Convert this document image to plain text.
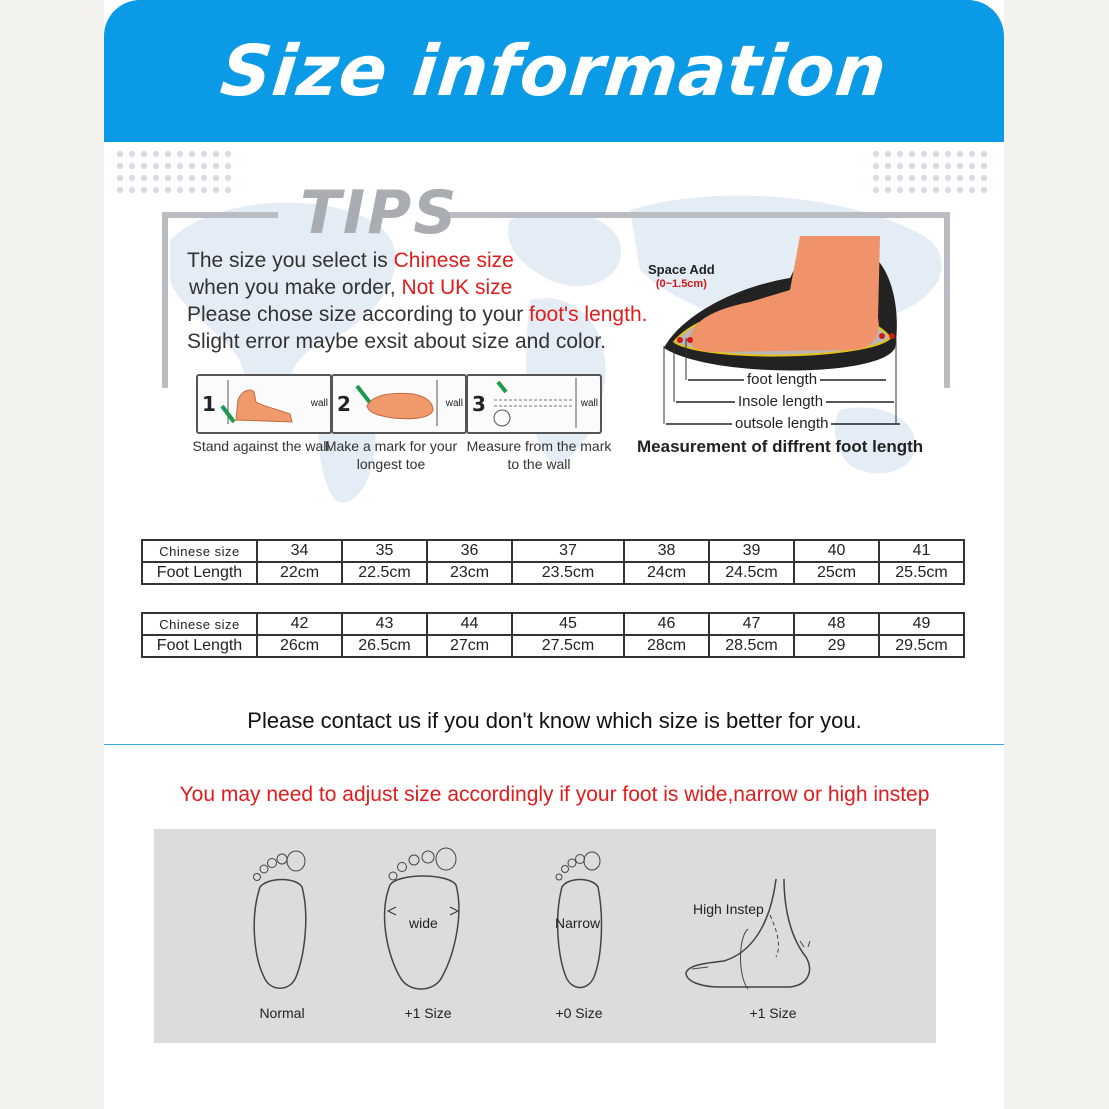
Size information
TIPS
The size you select is Chinese size
when you make order, Not UK size
Please chose size according to your foot's length.
Slight error maybe exsit about size and color.
1	wall 2	wall 3	wall
Stand against the wall
Make a mark for your longest toe
Measure from the mark to the wall
Space Add
(0~1.5cm)
foot length
Insole length
outsole length
Measurement of diffrent foot length
Chinese size	34	35	36	37	38	39	40	41
Foot Length	22cm	22.5cm	23cm	23.5cm	24cm	24.5cm	25cm	25.5cm
Chinese size	42	43	44	45	46	47	48	49
Foot Length	26cm	26.5cm	27cm	27.5cm	28cm	28.5cm	29	29.5cm
Please contact us if you don't know which size is better for you.
You may need to adjust size accordingly if your foot is wide,narrow or high instep
Normal
wide
+1 Size
Narrow
+0 Size
High Instep
+1 Size
